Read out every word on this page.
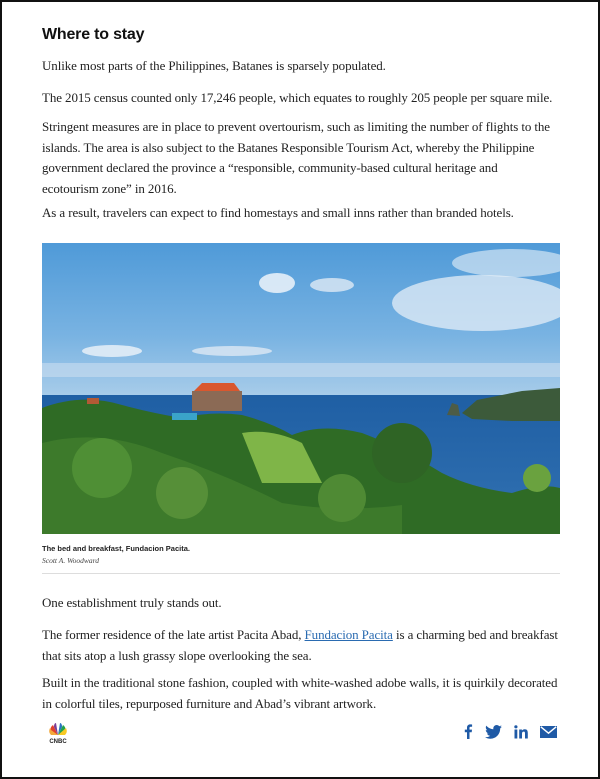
Where to stay

Unlike most parts of the Philippines, Batanes is sparsely populated.

The 2015 census counted only 17,246 people, which equates to roughly 205 people per square mile.

Stringent measures are in place to prevent overtourism, such as limiting the number of flights to the islands. The area is also subject to the Batanes Responsible Tourism Act, whereby the Philippine government declared the province a “responsible, community-based cultural heritage and ecotourism zone” in 2016.

As a result, travelers can expect to find homestays and small inns rather than branded hotels.

The bed and breakfast, Fundacion Pacita.

Scott A. Woodward

One establishment truly stands out.

The former residence of the late artist Pacita Abad, Fundacion Pacita is a charming bed and breakfast that sits atop a lush grassy slope overlooking the sea.

Built in the traditional stone fashion, coupled with white-washed adobe walls, it is quirkily decorated in colorful tiles, repurposed furniture and Abad’s vibrant artwork.

CNBC
